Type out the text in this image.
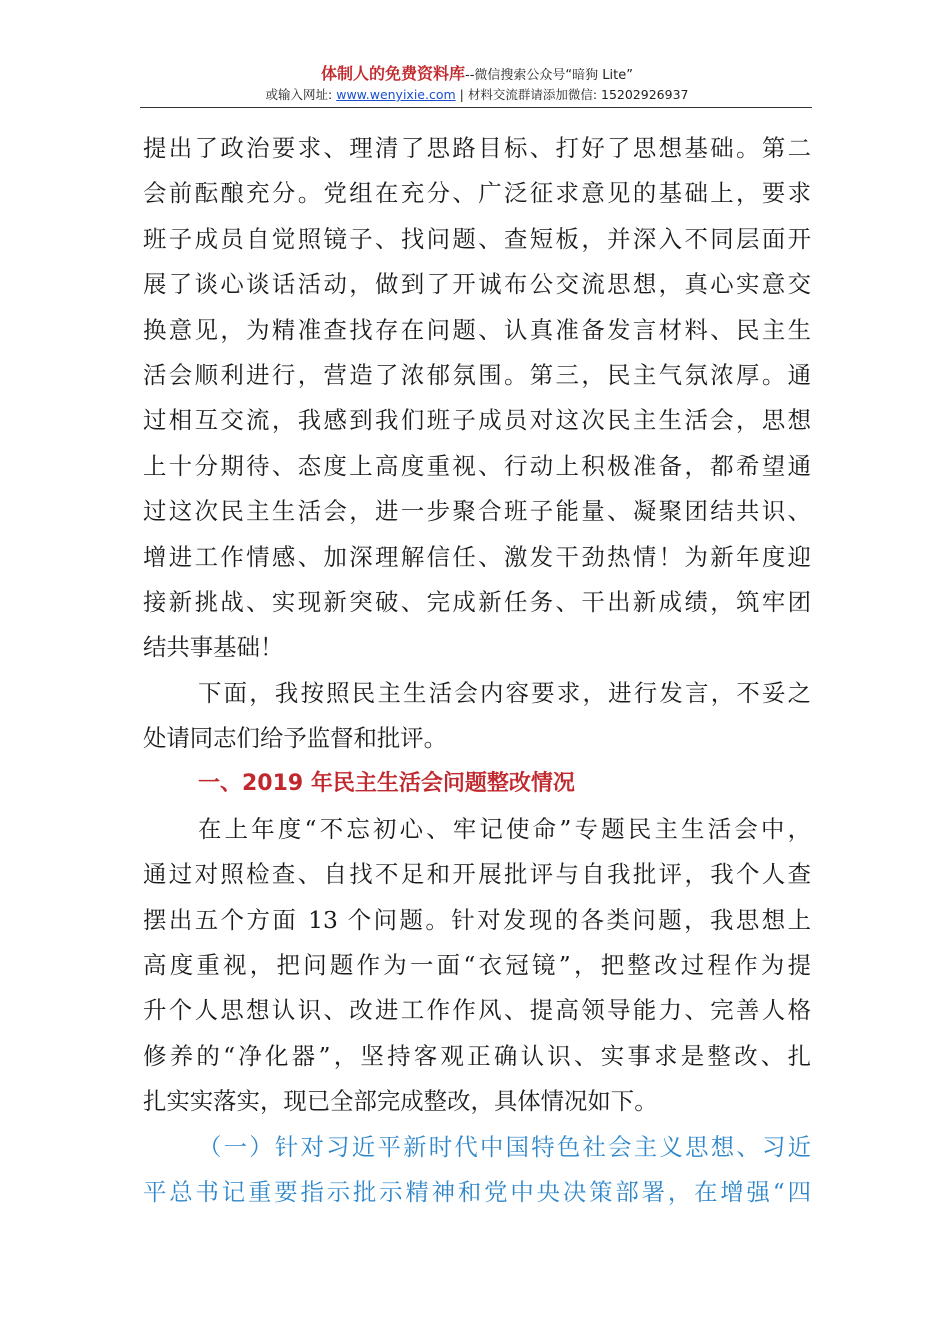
体制人的免费资料库--微信搜索公众号“暗狗 Lite”
或输入网址: www.wenyixie.com | 材料交流群请添加微信: 15202926937
提出了政治要求、理清了思路目标、打好了思想基础。第二
会前酝酿充分。党组在充分、广泛征求意见的基础上，要求
班子成员自觉照镜子、找问题、查短板，并深入不同层面开
展了谈心谈话活动，做到了开诚布公交流思想，真心实意交
换意见，为精准查找存在问题、认真准备发言材料、民主生
活会顺利进行，营造了浓郁氛围。第三，民主气氛浓厚。通
过相互交流，我感到我们班子成员对这次民主生活会，思想
上十分期待、态度上高度重视、行动上积极准备，都希望通
过这次民主生活会，进一步聚合班子能量、凝聚团结共识、
增进工作情感、加深理解信任、激发干劲热情！为新年度迎
接新挑战、实现新突破、完成新任务、干出新成绩，筑牢团
结共事基础！
下面，我按照民主生活会内容要求，进行发言，不妥之
处请同志们给予监督和批评。
一、2019 年民主生活会问题整改情况
在上年度“不忘初心、牢记使命”专题民主生活会中，
通过对照检查、自找不足和开展批评与自我批评，我个人查
摆出五个方面 13 个问题。针对发现的各类问题，我思想上
高度重视，把问题作为一面“衣冠镜”，把整改过程作为提
升个人思想认识、改进工作作风、提高领导能力、完善人格
修养的“净化器”，坚持客观正确认识、实事求是整改、扎
扎实实落实，现已全部完成整改，具体情况如下。
（一）针对习近平新时代中国特色社会主义思想、习近
平总书记重要指示批示精神和党中央决策部署，在增强“四
